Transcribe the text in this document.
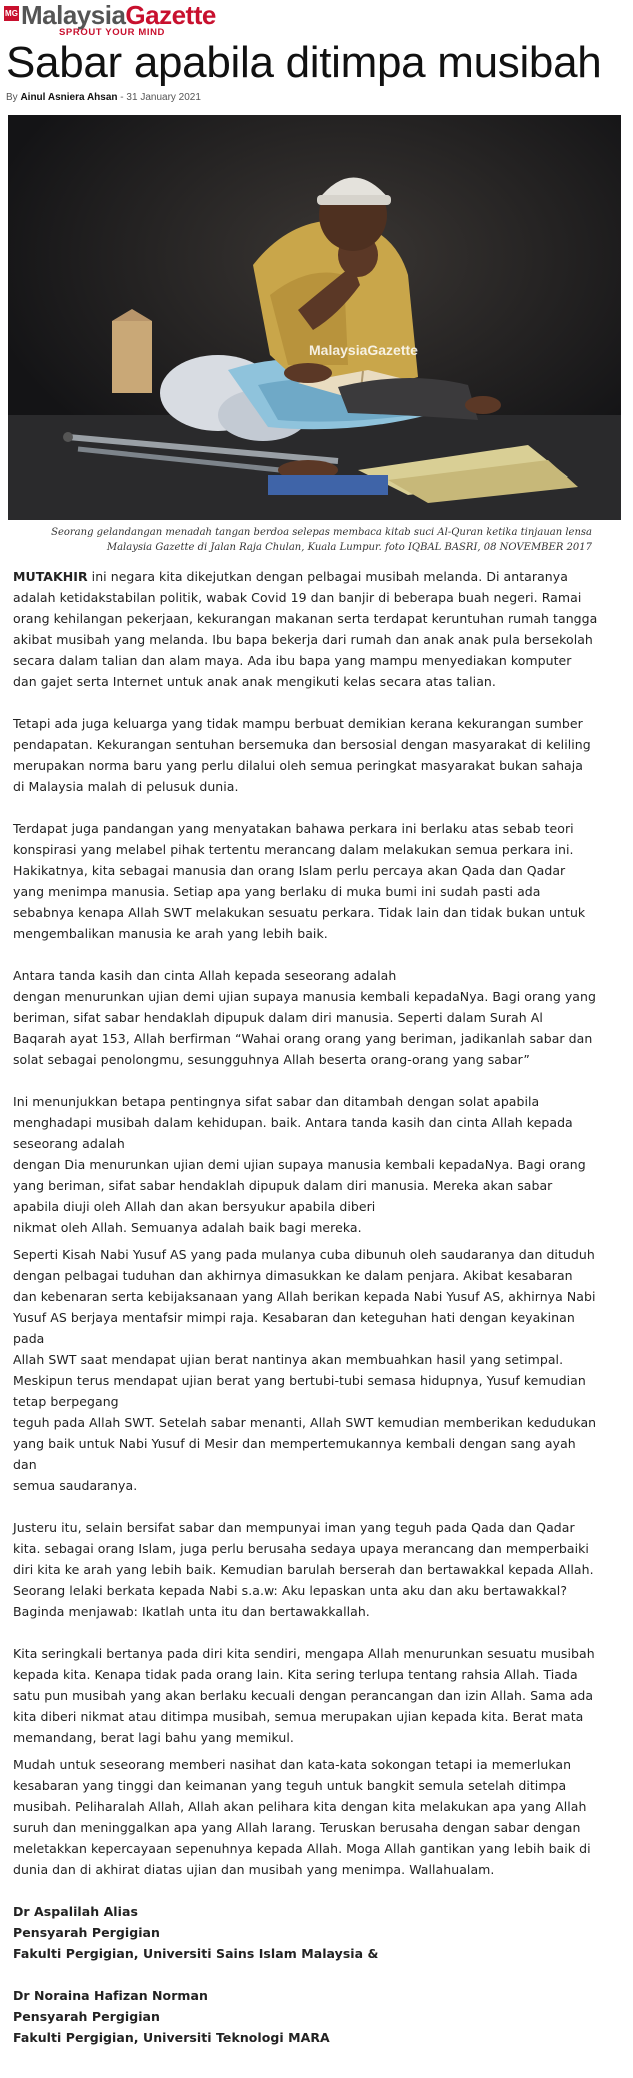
MG MalaysiaGazette
SPROUT YOUR MIND
Sabar apabila ditimpa musibah
By Ainul Asniera Ahsan - 31 January 2021
MalaysiaGazette
Seorang gelandangan menadah tangan berdoa selepas membaca kitab suci Al-Quran ketika tinjauan lensa Malaysia Gazette di Jalan Raja Chulan, Kuala Lumpur. foto IQBAL BASRI, 08 NOVEMBER 2017

MUTAKHIR ini negara kita dikejutkan dengan pelbagai musibah melanda. Di antaranya adalah ketidakstabilan politik, wabak Covid 19 dan banjir di beberapa buah negeri. Ramai orang kehilangan pekerjaan, kekurangan makanan serta terdapat keruntuhan rumah tangga akibat musibah yang melanda. Ibu bapa bekerja dari rumah dan anak anak pula bersekolah secara dalam talian dan alam maya. Ada ibu bapa yang mampu menyediakan komputer dan gajet serta Internet untuk anak anak mengikuti kelas secara atas talian.

Tetapi ada juga keluarga yang tidak mampu berbuat demikian kerana kekurangan sumber pendapatan. Kekurangan sentuhan bersemuka dan bersosial dengan masyarakat di keliling merupakan norma baru yang perlu dilalui oleh semua peringkat masyarakat bukan sahaja di Malaysia malah di pelusuk dunia.

Terdapat juga pandangan yang menyatakan bahawa perkara ini berlaku atas sebab teori konspirasi yang melabel pihak tertentu merancang dalam melakukan semua perkara ini. Hakikatnya, kita sebagai manusia dan orang Islam perlu percaya akan Qada dan Qadar yang menimpa manusia. Setiap apa yang berlaku di muka bumi ini sudah pasti ada sebabnya kenapa Allah SWT melakukan sesuatu perkara. Tidak lain dan tidak bukan untuk mengembalikan manusia ke arah yang lebih baik.

Antara tanda kasih dan cinta Allah kepada seseorang adalah
dengan menurunkan ujian demi ujian supaya manusia kembali kepadaNya. Bagi orang yang beriman, sifat sabar hendaklah dipupuk dalam diri manusia. Seperti dalam Surah Al Baqarah ayat 153, Allah berfirman “Wahai orang orang yang beriman, jadikanlah sabar dan solat sebagai penolongmu, sesungguhnya Allah beserta orang-orang yang sabar”

Ini menunjukkan betapa pentingnya sifat sabar dan ditambah dengan solat apabila menghadapi musibah dalam kehidupan. baik. Antara tanda kasih dan cinta Allah kepada seseorang adalah
dengan Dia menurunkan ujian demi ujian supaya manusia kembali kepadaNya. Bagi orang yang beriman, sifat sabar hendaklah dipupuk dalam diri manusia. Mereka akan sabar apabila diuji oleh Allah dan akan bersyukur apabila diberi
nikmat oleh Allah. Semuanya adalah baik bagi mereka.

Seperti Kisah Nabi Yusuf AS yang pada mulanya cuba dibunuh oleh saudaranya dan dituduh dengan pelbagai tuduhan dan akhirnya dimasukkan ke dalam penjara. Akibat kesabaran
dan kebenaran serta kebijaksanaan yang Allah berikan kepada Nabi Yusuf AS, akhirnya Nabi Yusuf AS berjaya mentafsir mimpi raja. Kesabaran dan keteguhan hati dengan keyakinan pada
Allah SWT saat mendapat ujian berat nantinya akan membuahkan hasil yang setimpal. Meskipun terus mendapat ujian berat yang bertubi-tubi semasa hidupnya, Yusuf kemudian tetap berpegang
teguh pada Allah SWT. Setelah sabar menanti, Allah SWT kemudian memberikan kedudukan yang baik untuk Nabi Yusuf di Mesir dan mempertemukannya kembali dengan sang ayah dan
semua saudaranya.

Justeru itu, selain bersifat sabar dan mempunyai iman yang teguh pada Qada dan Qadar kita. sebagai orang Islam, juga perlu berusaha sedaya upaya merancang dan memperbaiki diri kita ke arah yang lebih baik. Kemudian barulah berserah dan bertawakkal kepada Allah. Seorang lelaki berkata kepada Nabi s.a.w: Aku lepaskan unta aku dan aku bertawakkal? Baginda menjawab: Ikatlah unta itu dan bertawakkallah.

Kita seringkali bertanya pada diri kita sendiri, mengapa Allah menurunkan sesuatu musibah kepada kita. Kenapa tidak pada orang lain. Kita sering terlupa tentang rahsia Allah. Tiada satu pun musibah yang akan berlaku kecuali dengan perancangan dan izin Allah. Sama ada kita diberi nikmat atau ditimpa musibah, semua merupakan ujian kepada kita. Berat mata memandang, berat lagi bahu yang memikul.

Mudah untuk seseorang memberi nasihat dan kata-kata sokongan tetapi ia memerlukan kesabaran yang tinggi dan keimanan yang teguh untuk bangkit semula setelah ditimpa musibah. Peliharalah Allah, Allah akan pelihara kita dengan kita melakukan apa yang Allah suruh dan meninggalkan apa yang Allah larang. Teruskan berusaha dengan sabar dengan meletakkan kepercayaan sepenuhnya kepada Allah. Moga Allah gantikan yang lebih baik di dunia dan di akhirat diatas ujian dan musibah yang menimpa. Wallahualam.

Dr Aspalilah Alias
Pensyarah Pergigian
Fakulti Pergigian, Universiti Sains Islam Malaysia &
Dr Noraina Hafizan Norman
Pensyarah Pergigian
Fakulti Pergigian, Universiti Teknologi MARA
